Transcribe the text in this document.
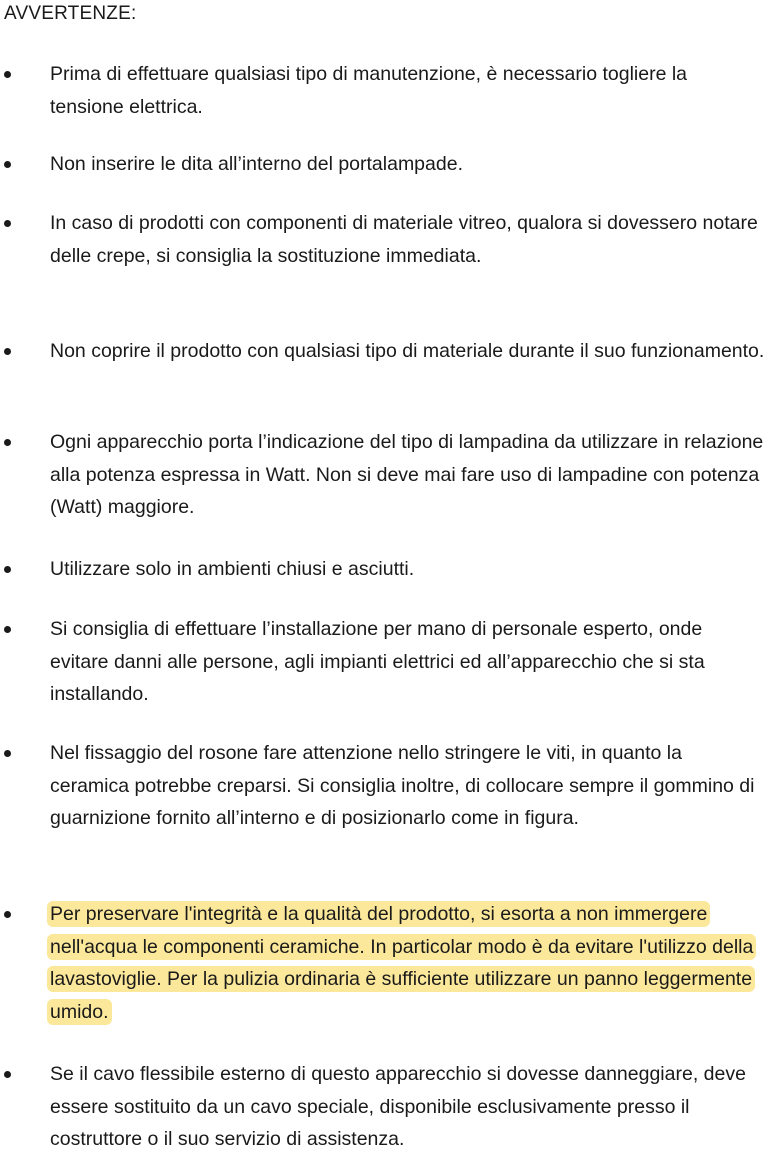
AVVERTENZE:

Prima di effettuare qualsiasi tipo di manutenzione, è necessario togliere la tensione elettrica.

Non inserire le dita all’interno del portalampade.

In caso di prodotti con componenti di materiale vitreo, qualora si dovessero notare delle crepe, si consiglia la sostituzione immediata.

Non coprire il prodotto con qualsiasi tipo di materiale durante il suo funzionamento.

Ogni apparecchio porta l’indicazione del tipo di lampadina da utilizzare in relazione alla potenza espressa in Watt. Non si deve mai fare uso di lampadine con potenza (Watt) maggiore.

Utilizzare solo in ambienti chiusi e asciutti.

Si consiglia di effettuare l’installazione per mano di personale esperto, onde evitare danni alle persone, agli impianti elettrici ed all’apparecchio che si sta installando.

Nel fissaggio del rosone fare attenzione nello stringere le viti, in quanto la ceramica potrebbe creparsi. Si consiglia inoltre, di collocare sempre il gommino di guarnizione fornito all’interno e di posizionarlo come in figura.

Per preservare l'integrità e la qualità del prodotto, si esorta a non immergere nell'acqua le componenti ceramiche. In particolar modo è da evitare l'utilizzo della lavastoviglie. Per la pulizia ordinaria è sufficiente utilizzare un panno leggermente umido.

Se il cavo flessibile esterno di questo apparecchio si dovesse danneggiare, deve essere sostituito da un cavo speciale, disponibile esclusivamente presso il costruttore o il suo servizio di assistenza.
